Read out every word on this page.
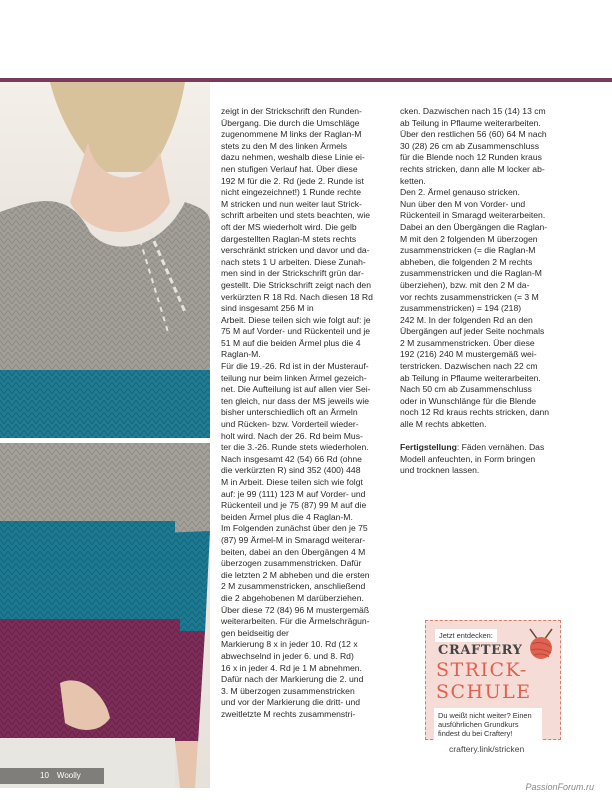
zeigt in der Strickschrift den Runden-
Übergang. Die durch die Umschläge
zugenommene M links der Raglan-M
stets zu den M des linken Ärmels
dazu nehmen, weshalb diese Linie ei-
nen stufigen Verlauf hat. Über diese
192 M für die 2. Rd (jede 2. Runde ist
nicht eingezeichnet!) 1 Runde rechte
M stricken und nun weiter laut Strick-
schrift arbeiten und stets beachten, wie
oft der MS wiederholt wird. Die gelb
dargestellten Raglan-M stets rechts
verschränkt stricken und davor und da-
nach stets 1 U arbeiten. Diese Zunah-
men sind in der Strickschrift grün dar-
gestellt. Die Strickschrift zeigt nach den
verkürzten R 18 Rd. Nach diesen 18 Rd
sind insgesamt 256 M in
Arbeit. Diese teilen sich wie folgt auf: je
75 M auf Vorder- und Rückenteil und je
51 M auf die beiden Ärmel plus die 4
Raglan-M.
Für die 19.-26. Rd ist in der Musterauf-
teilung nur beim linken Ärmel gezeich-
net. Die Aufteilung ist auf allen vier Sei-
ten gleich, nur dass der MS jeweils wie
bisher unterschiedlich oft an Ärmeln
und Rücken- bzw. Vorderteil wieder-
holt wird. Nach der 26. Rd beim Mus-
ter die 3.-26. Runde stets wiederholen.
Nach insgesamt 42 (54) 66 Rd (ohne
die verkürzten R) sind 352 (400) 448
M in Arbeit. Diese teilen sich wie folgt
auf: je 99 (111) 123 M auf Vorder- und
Rückenteil und je 75 (87) 99 M auf die
beiden Ärmel plus die 4 Raglan-M.
Im Folgenden zunächst über den je 75
(87) 99 Ärmel-M in Smaragd weiterar-
beiten, dabei an den Übergängen 4 M
überzogen zusammenstricken. Dafür
die letzten 2 M abheben und die ersten
2 M zusammenstricken, anschließend
die 2 abgehobenen M darüberziehen.
Über diese 72 (84) 96 M mustergemäß
weiterarbeiten. Für die Ärmelschrägun-
gen beidseitig der
Markierung 8 x in jeder 10. Rd (12 x
abwechselnd in jeder 6. und 8. Rd)
16 x in jeder 4. Rd je 1 M abnehmen.
Dafür nach der Markierung die 2. und
3. M überzogen zusammenstricken
und vor der Markierung die dritt- und
zweitletzte M rechts zusammenstri-
cken. Dazwischen nach 15 (14) 13 cm
ab Teilung in Pflaume weiterarbeiten.
Über den restlichen 56 (60) 64 M nach
30 (28) 26 cm ab Zusammenschluss
für die Blende noch 12 Runden kraus
rechts stricken, dann alle M locker ab-
ketten.
Den 2. Ärmel genauso stricken.
Nun über den M von Vorder- und
Rückenteil in Smaragd weiterarbeiten.
Dabei an den Übergängen die Raglan-
M mit den 2 folgenden M überzogen
zusammenstricken (= die Raglan-M
abheben, die folgenden 2 M rechts
zusammenstricken und die Raglan-M
überziehen), bzw. mit den 2 M da-
vor rechts zusammenstricken (= 3 M
zusammenstricken) = 194 (218)
242 M. In der folgenden Rd an den
Übergängen auf jeder Seite nochmals
2 M zusammenstricken. Über diese
192 (216) 240 M mustergemäß wei-
terstricken. Dazwischen nach 22 cm
ab Teilung in Pflaume weiterarbeiten.
Nach 50 cm ab Zusammenschluss
oder in Wunschlänge für die Blende
noch 12 Rd kraus rechts stricken, dann
alle M rechts abketten.

Fertigstellung: Fäden vernähen. Das
Modell anfeuchten, in Form bringen
und trocknen lassen.

Jetzt entdecken:
CRAFTERY
STRICK-
SCHULE
Du weißt nicht weiter? Einen ausführlichen Grundkurs findest du bei Craftery!
craftery.link/stricken
10 Woolly Hugs	PassionForum.ru
